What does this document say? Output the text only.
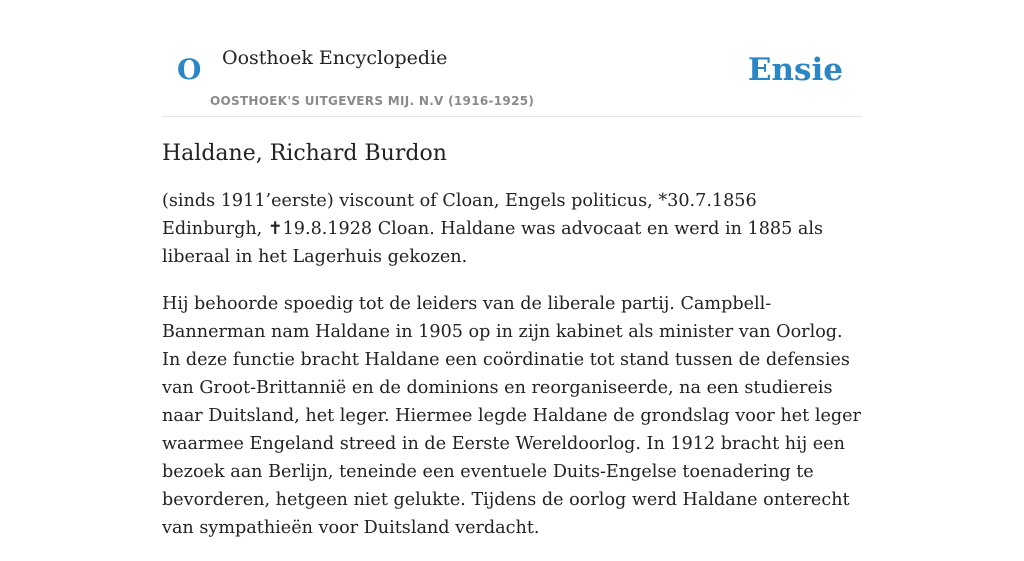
O Oosthoek Encyclopedie
OOSTHOEK'S UITGEVERS MIJ. N.V (1916-1925)
Ensie
Haldane, Richard Burdon

(sinds 1911’eerste) viscount of Cloan, Engels politicus, *30.7.1856 Edinburgh, ✝19.8.1928 Cloan. Haldane was advocaat en werd in 1885 als liberaal in het Lagerhuis gekozen.

Hij behoorde spoedig tot de leiders van de liberale partij. Campbell-Bannerman nam Haldane in 1905 op in zijn kabinet als minister van Oorlog. In deze functie bracht Haldane een coördinatie tot stand tussen de defensies van Groot-Brittannië en de dominions en reorganiseerde, na een studiereis naar Duitsland, het leger. Hiermee legde Haldane de grondslag voor het leger waarmee Engeland streed in de Eerste Wereldoorlog. In 1912 bracht hij een bezoek aan Berlijn, teneinde een eventuele Duits-Engelse toenadering te bevorderen, hetgeen niet gelukte. Tijdens de oorlog werd Haldane onterecht van sympathieën voor Duitsland verdacht.
